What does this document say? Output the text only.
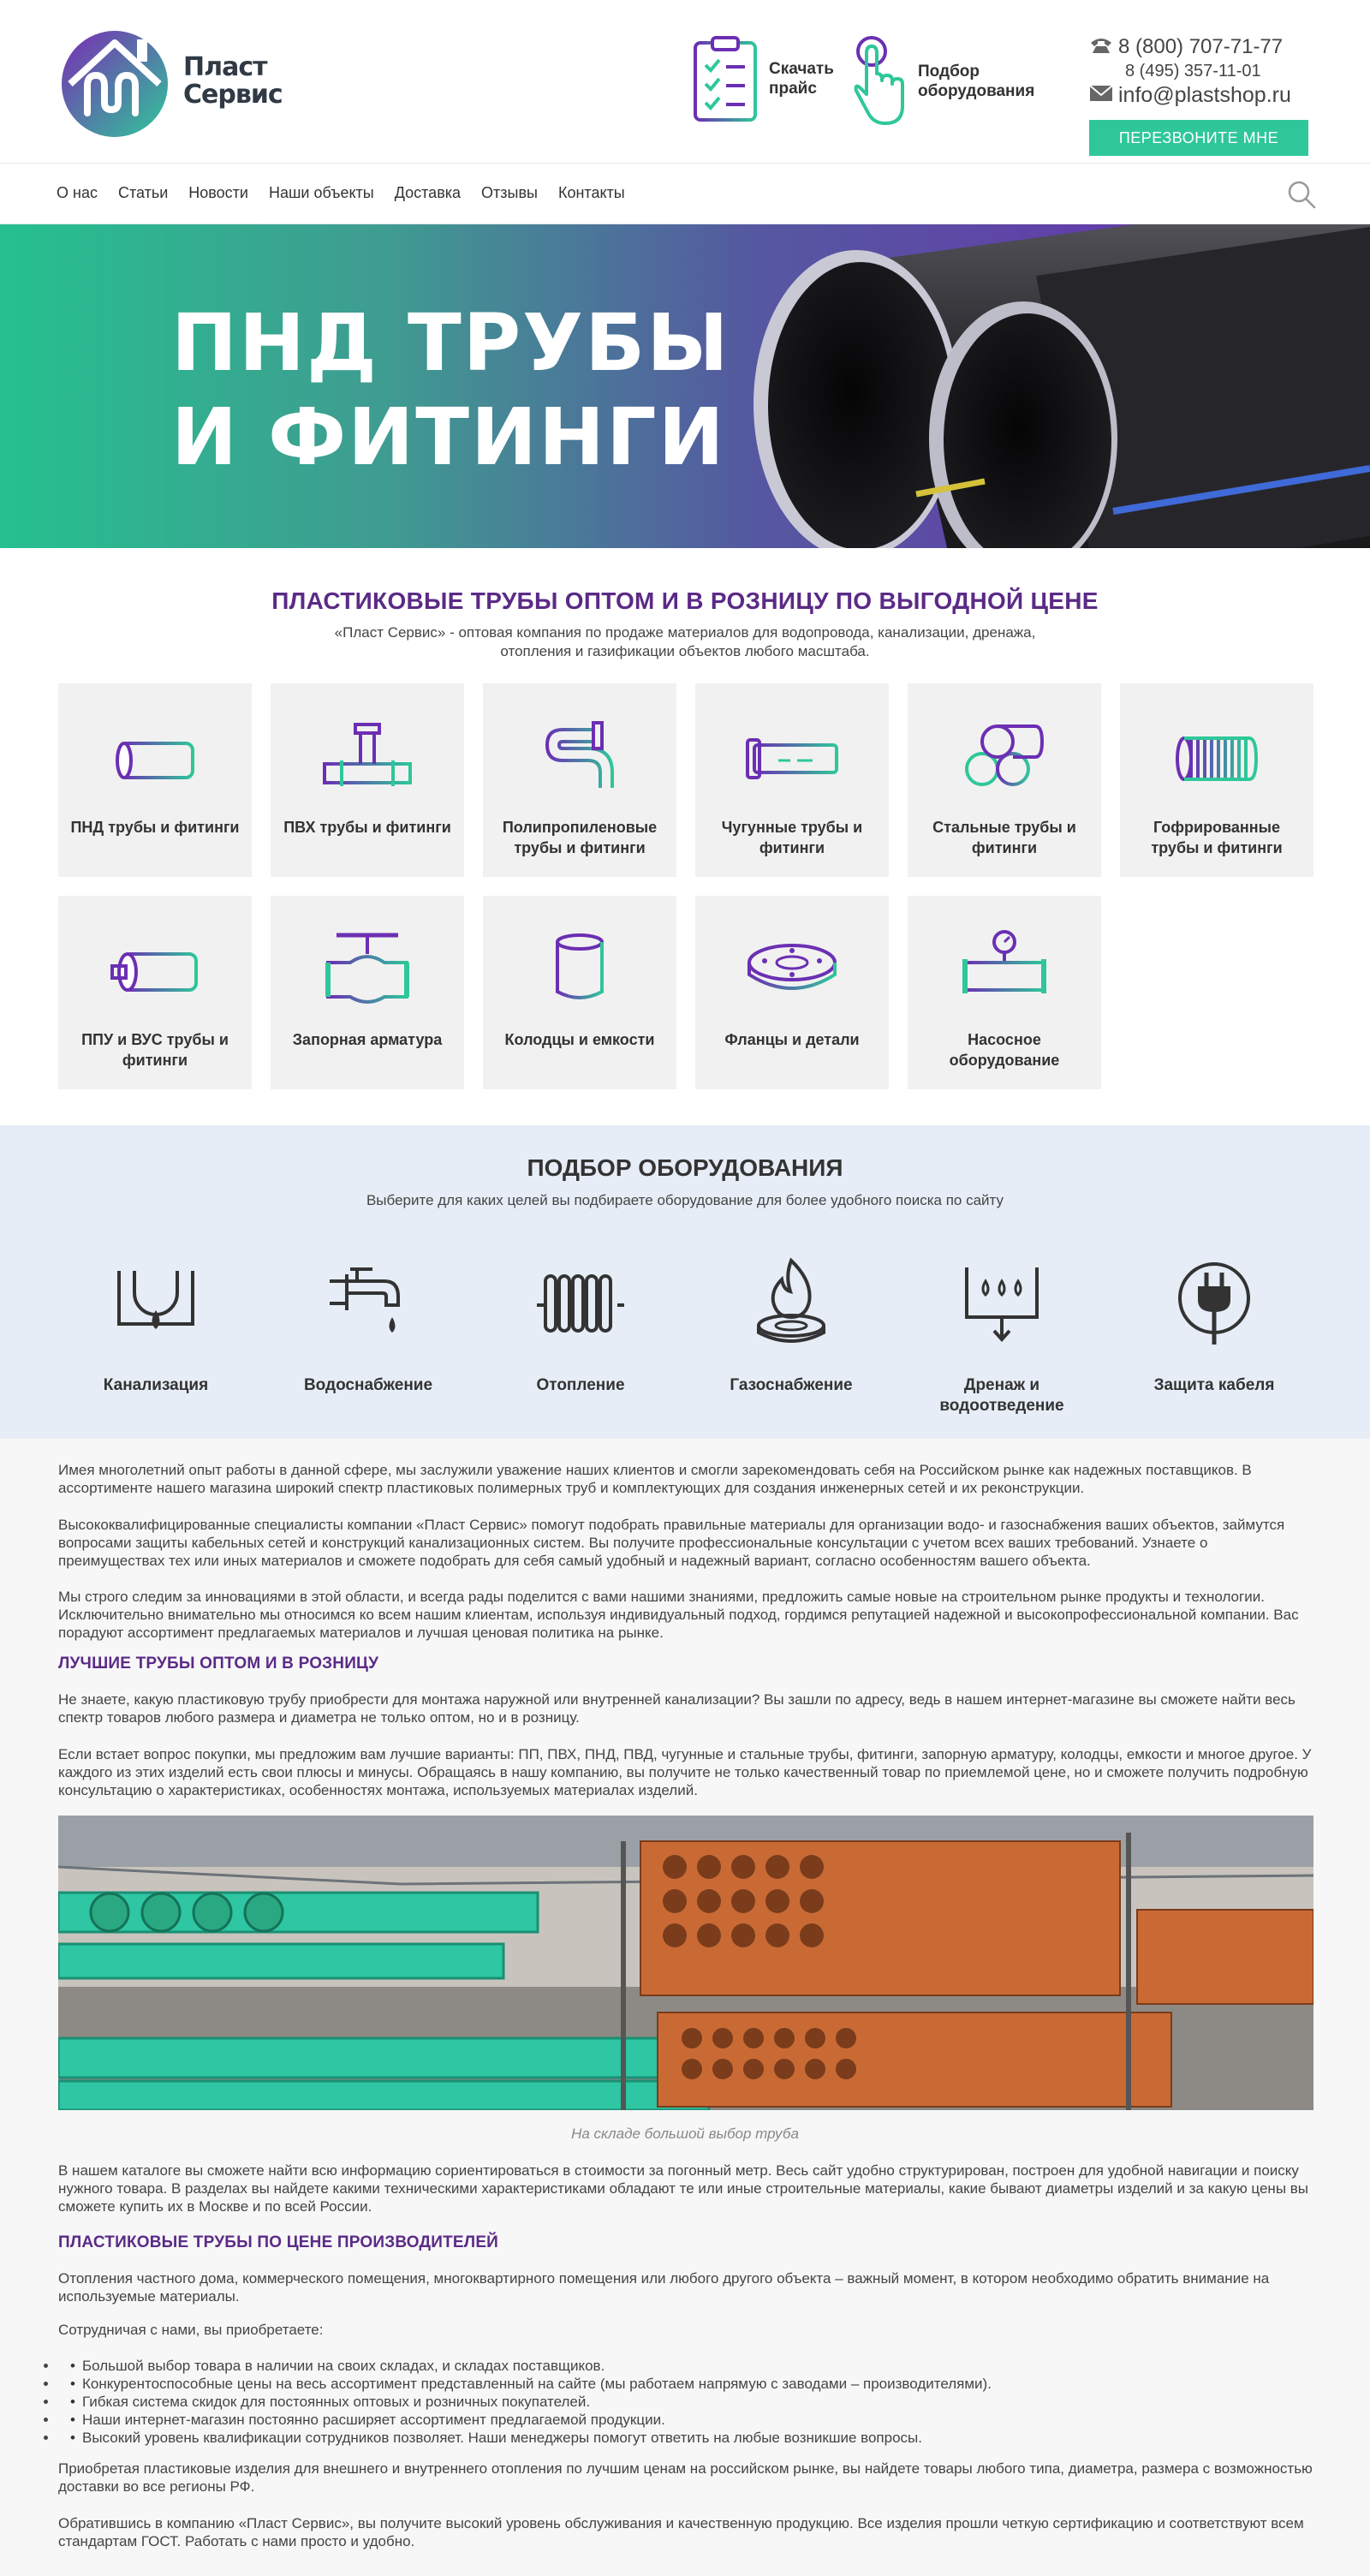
Пласт
Сервис
Скачать
прайс
Подбор
оборудования
8 (800) 707-71-77
8 (495) 357-11-01
info@plastshop.ru
ПЕРЕЗВОНИТЕ МНЕ
О нас Статьи Новости Наши объекты Доставка Отзывы Контакты
ПНД ТРУБЫ
И ФИТИНГИ
ПЛАСТИКОВЫЕ ТРУБЫ ОПТОМ И В РОЗНИЦУ ПО ВЫГОДНОЙ ЦЕНЕ

«Пласт Сервис» - оптовая компания по продаже материалов для водопровода, канализации, дренажа, отопления и газификации объектов любого масштаба.

ПНД трубы и фитинги	ПВХ трубы и фитинги	Полипропиленовые трубы и фитинги
Чугунные трубы и фитинги
Стальные трубы и фитинги
Гофрированные трубы и фитинги
ППУ и ВУС трубы и фитинги
Запорная арматура	Колодцы и емкости	Фланцы и детали	Насосное оборудование
ПОДБОР ОБОРУДОВАНИЯ

Выберите для каких целей вы подбираете оборудование для более удобного поиска по сайту

Канализация	Водоснабжение	Отопление	Газоснабжение	Дренаж и водоотведение
Защита кабеля

Имея многолетний опыт работы в данной сфере, мы заслужили уважение наших клиентов и смогли зарекомендовать себя на Российском рынке как надежных поставщиков. В ассортименте нашего магазина широкий спектр пластиковых полимерных труб и комплектующих для создания инженерных сетей и их реконструкции.

Высококвалифицированные специалисты компании «Пласт Сервис» помогут подобрать правильные материалы для организации водо- и газоснабжения ваших объектов, займутся вопросами защиты кабельных сетей и конструкций канализационных систем. Вы получите профессиональные консультации с учетом всех ваших требований. Узнаете о преимуществах тех или иных материалов и сможете подобрать для себя самый удобный и надежный вариант, согласно особенностям вашего объекта.

Мы строго следим за инновациями в этой области, и всегда рады поделится с вами нашими знаниями, предложить самые новые на строительном рынке продукты и технологии. Исключительно внимательно мы относимся ко всем нашим клиентам, используя индивидуальный подход, гордимся репутацией надежной и высокопрофессиональной компании. Вас порадуют ассортимент предлагаемых материалов и лучшая ценовая политика на рынке.

ЛУЧШИЕ ТРУБЫ ОПТОМ И В РОЗНИЦУ

Не знаете, какую пластиковую трубу приобрести для монтажа наружной или внутренней канализации? Вы зашли по адресу, ведь в нашем интернет-магазине вы сможете найти весь спектр товаров любого размера и диаметра не только оптом, но и в розницу.

Если встает вопрос покупки, мы предложим вам лучшие варианты: ПП, ПВХ, ПНД, ПВД, чугунные и стальные трубы, фитинги, запорную арматуру, колодцы, емкости и многое другое. У каждого из этих изделий есть свои плюсы и минусы. Обращаясь в нашу компанию, вы получите не только качественный товар по приемлемой цене, но и сможете получить подробную консультацию о характеристиках, особенностях монтажа, используемых материалах изделий.

На складе большой выбор труба

В нашем каталоге вы сможете найти всю информацию сориентироваться в стоимости за погонный метр. Весь сайт удобно структурирован, построен для удобной навигации и поиску нужного товара. В разделах вы найдете какими техническими характеристиками обладают те или иные строительные материалы, какие бывают диаметры изделий и за какую цены вы сможете купить их в Москве и по всей России.

ПЛАСТИКОВЫЕ ТРУБЫ ПО ЦЕНЕ ПРОИЗВОДИТЕЛЕЙ

Отопления частного дома, коммерческого помещения, многоквартирного помещения или любого другого объекта – важный момент, в котором необходимо обратить внимание на используемые материалы.

Сотрудничая с нами, вы приобретаете:

• • Большой выбор товара в наличии на своих складах, и складах поставщиков.
• • Конкурентоспособные цены на весь ассортимент представленный на сайте (мы работаем напрямую с заводами – производителями).
• • Гибкая система скидок для постоянных оптовых и розничных покупателей.
• • Наши интернет-магазин постоянно расширяет ассортимент предлагаемой продукции.
• • Высокий уровень квалификации сотрудников позволяет. Наши менеджеры помогут ответить на любые возникшие вопросы.

Приобретая пластиковые изделия для внешнего и внутреннего отопления по лучшим ценам на российском рынке, вы найдете товары любого типа, диаметра, размера с возможностью доставки во все регионы РФ.

Обратившись в компанию «Пласт Сервис», вы получите высокий уровень обслуживания и качественную продукцию. Все изделия прошли четкую сертификацию и соответствуют всем стандартам ГОСТ. Работать с нами просто и удобно.
